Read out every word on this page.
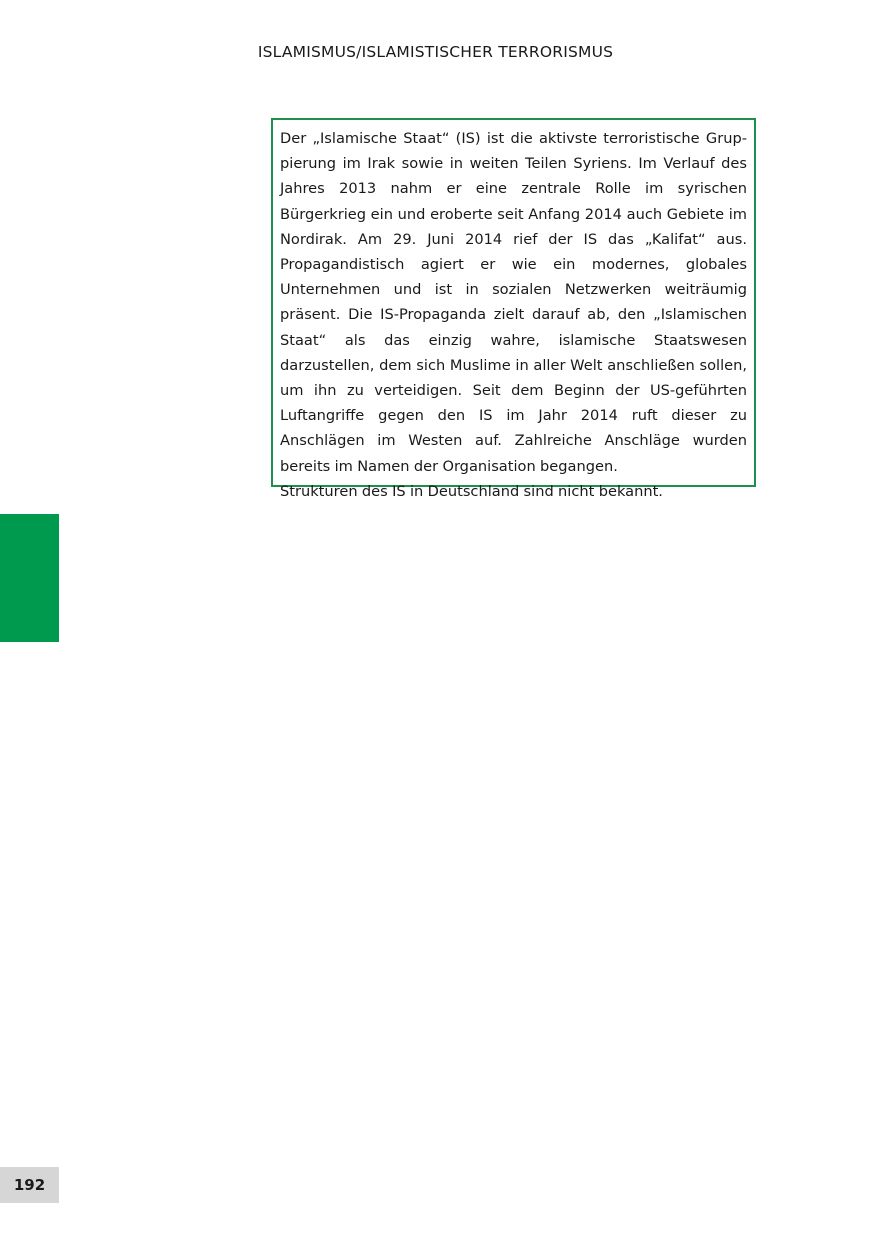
ISLAMISMUS/ISLAMISTISCHER TERRORISMUS

Der „Islamische Staat“ (IS) ist die aktivste terroristische Gruppierung im Irak sowie in weiten Teilen Syriens. Im Verlauf des Jahres 2013 nahm er eine zentrale Rolle im syrischen Bürgerkrieg ein und eroberte seit Anfang 2014 auch Gebiete im Nordirak. Am 29. Juni 2014 rief der IS das „Kalifat“ aus. Propagandistisch agiert er wie ein modernes, globales Unternehmen und ist in sozialen Netzwerken weiträumig präsent. Die IS-Propaganda zielt darauf ab, den „Islamischen Staat“ als das einzig wahre, islamische Staatswesen darzustellen, dem sich Muslime in aller Welt anschließen sollen, um ihn zu verteidigen. Seit dem Beginn der US-geführten Luftangriffe gegen den IS im Jahr 2014 ruft dieser zu Anschlägen im Westen auf. Zahlreiche Anschläge wurden bereits im Namen der Organisation begangen.

Strukturen des IS in Deutschland sind nicht bekannt.

192
